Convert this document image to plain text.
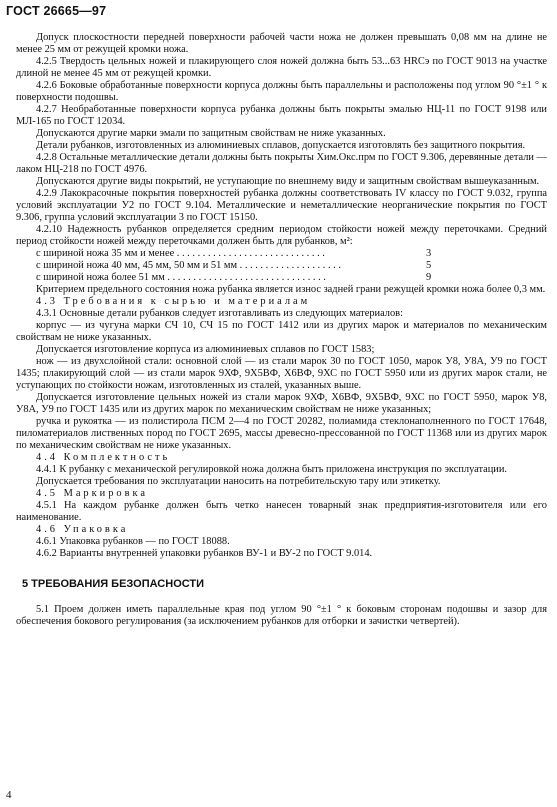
ГОСТ 26665—97

Допуск плоскостности передней поверхности рабочей части ножа не должен превышать 0,08 мм на длине не менее 25 мм от режущей кромки ножа.

4.2.5 Твердость цельных ножей и плакирующего слоя ножей должна быть 53...63 HRCэ по ГОСТ 9013 на участке длиной не менее 45 мм от режущей кромки.

4.2.6 Боковые обработанные поверхности корпуса должны быть параллельны и расположены под углом 90 °±1 ° к поверхности подошвы.

4.2.7 Необработанные поверхности корпуса рубанка должны быть покрыты эмалью НЦ-11 по ГОСТ 9198 или МЛ-165 по ГОСТ 12034.

Допускаются другие марки эмали по защитным свойствам не ниже указанных.

Детали рубанков, изготовленных из алюминиевых сплавов, допускается изготовлять без защитного покрытия.

4.2.8 Остальные металлические детали должны быть покрыты Хим.Окс.прм по ГОСТ 9.306, деревянные детали — лаком НЦ-218 по ГОСТ 4976.

Допускаются другие виды покрытий, не уступающие по внешнему виду и защитным свойствам вышеуказанным.

4.2.9 Лакокрасочные покрытия поверхностей рубанка должны соответствовать IV классу по ГОСТ 9.032, группа условий эксплуатации У2 по ГОСТ 9.104. Металлические и неметаллические неорганические покрытия по ГОСТ 9.306, группа условий эксплуатации 3 по ГОСТ 15150.

4.2.10 Надежность рубанков определяется средним периодом стойкости ножей между переточками. Средний период стойкости ножей между переточками должен быть для рубанков, м²:

с шириной ножа 35 мм и менее . . . . . . . . . . . . . . . . . . . . . . . . . . . . .	3
с шириной ножа 40 мм, 45 мм, 50 мм и 51 мм . . . . . . . . . . . . . . . . . . . .	5
с шириной ножа более 51 мм . . . . . . . . . . . . . . . . . . . . . . . . . . . . . . .	9

Критерием предельного состояния ножа рубанка является износ задней грани режущей кромки ножа более 0,3 мм.

4.3 Требования к сырью и материалам

4.3.1 Основные детали рубанков следует изготавливать из следующих материалов:

корпус — из чугуна марки СЧ 10, СЧ 15 по ГОСТ 1412 или из других марок и материалов по механическим свойствам не ниже указанных.

Допускается изготовление корпуса из алюминиевых сплавов по ГОСТ 1583;

нож — из двухслойной стали: основной слой — из стали марок 30 по ГОСТ 1050, марок У8, У8А, У9 по ГОСТ 1435; плакирующий слой — из стали марок 9ХФ, 9Х5ВФ, Х6ВФ, 9ХС по ГОСТ 5950 или из других марок стали, не уступающих по стойкости ножам, изготовленных из сталей, указанных выше.

Допускается изготовление цельных ножей из стали марок 9ХФ, Х6ВФ, 9Х5ВФ, 9ХС по ГОСТ 5950, марок У8, У8А, У9 по ГОСТ 1435 или из других марок по механическим свойствам не ниже указанных;

ручка и рукоятка — из полистирола ПСМ 2—4 по ГОСТ 20282, полиамида стеклонаполненного по ГОСТ 17648, пиломатериалов лиственных пород по ГОСТ 2695, массы древесно-прессованной по ГОСТ 11368 или из других марок по механическим свойствам не ниже указанных.

4.4 Комплектность

4.4.1 К рубанку с механической регулировкой ножа должна быть приложена инструкция по эксплуатации.

Допускается требования по эксплуатации наносить на потребительскую тару или этикетку.

4.5 Маркировка

4.5.1 На каждом рубанке должен быть четко нанесен товарный знак предприятия-изготовителя или его наименование.

4.6 Упаковка

4.6.1 Упаковка рубанков — по ГОСТ 18088.

4.6.2 Варианты внутренней упаковки рубанков ВУ-1 и ВУ-2 по ГОСТ 9.014.

5 ТРЕБОВАНИЯ БЕЗОПАСНОСТИ

5.1 Проем должен иметь параллельные края под углом 90 °±1 ° к боковым сторонам подошвы и зазор для обеспечения бокового регулирования (за исключением рубанков для отборки и зачистки четвертей).

4
